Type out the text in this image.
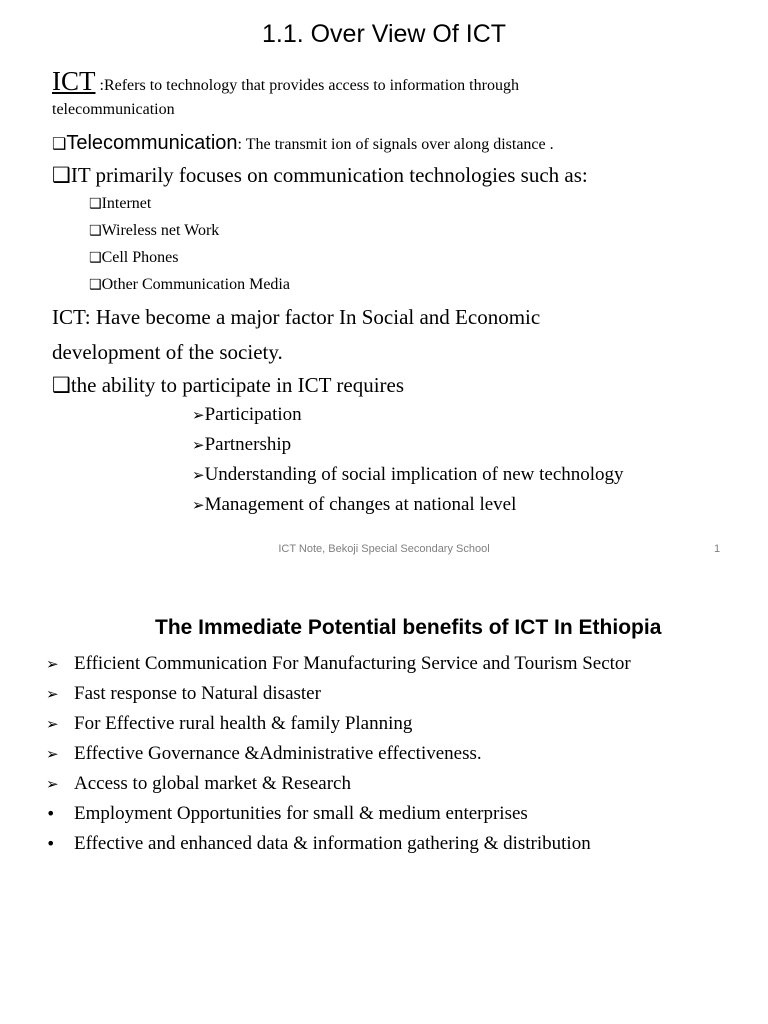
1.1. Over View Of ICT
ICT :Refers to technology that provides access to information through
telecommunication
❑Telecommunication: The transmit ion of signals over along distance .
❑IT primarily focuses on communication technologies such as:
❑Internet
❑Wireless net Work
❑Cell Phones
❑Other Communication Media
ICT: Have become a major factor In Social and Economic
development of the society.
❑the ability to participate in ICT requires
➢Participation
➢Partnership
➢Understanding of social implication of new technology
➢Management of changes at national level
ICT Note, Bekoji Special Secondary School	1
The Immediate Potential benefits of ICT In Ethiopia
➢ Efficient Communication For Manufacturing Service and Tourism Sector
➢ Fast response to Natural disaster
➢ For Effective rural health & family Planning
➢ Effective Governance &Administrative effectiveness.
➢ Access to global market & Research
• Employment Opportunities for small & medium enterprises
• Effective and enhanced data & information gathering & distribution
